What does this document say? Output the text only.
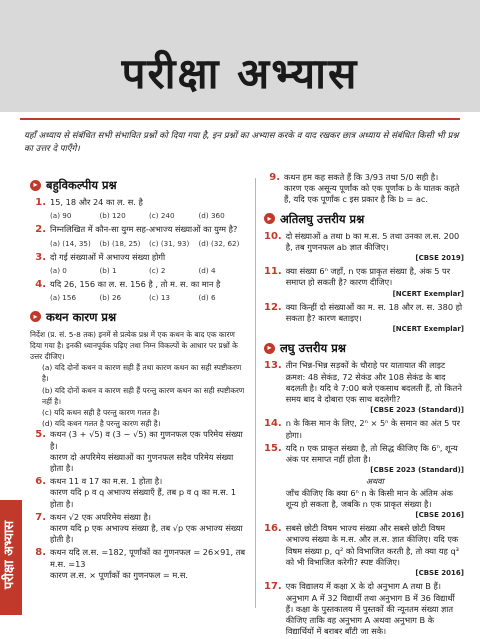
परीक्षा अभ्यास
यहाँ अध्याय से संबंधित सभी संभावित प्रश्नों को दिया गया है, इन प्रश्नों का अभ्यास करके व याद रखकर छात्र अध्याय से संबंधित किसी भी प्रश्न का उत्तर दे पाएँगे।
▸ बहुविकल्पीय प्रश्न
1. 15, 18 और 24 का ल. स. है
(a) 90	(b) 120	(c) 240	(d) 360
2. निम्नलिखित में कौन-सा युग्म सह-अभाज्य संख्याओं का युग्म है?
(a) (14, 35)	(b) (18, 25)	(c) (31, 93)	(d) (32, 62)
3. दो गई संख्याओं में अभाज्य संख्या होगी
(a) 0	(b) 1	(c) 2	(d) 4
4. यदि 26, 156 का ल. स. 156 है , तो म. स. का मान है
(a) 156	(b) 26	(c) 13	(d) 6
▸ कथन कारण प्रश्न
निर्देश (प्र. सं. 5-8 तक) इनमें से प्रत्येक प्रश्न में एक कथन के बाद एक कारण दिया गया है। इनकी ध्यानपूर्वक पढ़िए तथा निम्न विकल्पों के आधार पर प्रश्नों के उत्तर दीजिए।
(a) यदि दोनों कथन व कारण सही हैं तथा कारण कथन का सही स्पष्टीकरण है।
(b) यदि दोनों कथन व कारण सही हैं परन्तु कारण कथन का सही स्पष्टीकरण नहीं है।
(c) यदि कथन सही है परन्तु कारण गलत है।
(d) यदि कथन गलत है परन्तु कारण सही है।
5. कथन (3 + √5) व (3 − √5) का गुणनफल एक परिमेय संख्या है।
कारण दो अपरिमेय संख्याओं का गुणनफल सदैव परिमेय संख्या होता है।
6. कथन 11 व 17 का म.स. 1 होता है।
कारण यदि p व q अभाज्य संख्याएँ हैं, तब p व q का म.स. 1 होता है।
7. कथन √2 एक अपरिमेय संख्या है।
कारण यदि p एक अभाज्य संख्या है, तब √p एक अभाज्य संख्या होती है।
8. कथन यदि ल.स. =182, पूर्णांकों का गुणनफल = 26×91, तब म.स. =13
कारण ल.स. × पूर्णांकों का गुणनफल = म.स.
9. कथन हम कह सकते हैं कि 3/93 तथा 5/0 सही है।
कारण एक असून्य पूर्णांक को एक पूर्णांक b के घातक कहते हैं, यदि एक पूर्णांक c इस प्रकार है कि b = ac.
▸ अतिलघु उत्तरीय प्रश्न
10. दो संख्याओं a तथा b का म.स. 5 तथा उनका ल.स. 200 है, तब गुणनफल ab ज्ञात कीजिए।
[CBSE 2019]
11. क्या संख्या 6ⁿ जहाँ, n एक प्राकृत संख्या है, अंक 5 पर समाप्त हो सकती है? कारण दीजिए।
[NCERT Exemplar]
12. क्या किन्हीं दो संख्याओं का म. स. 18 और ल. स. 380 हो सकता है? कारण बताइए।
[NCERT Exemplar]
▸ लघु उत्तरीय प्रश्न
13. तीन भिन्न-भिन्न सड़कों के चौराहे पर यातायात की लाइट क्रमश: 48 सेकंड, 72 सेकंड और 108 सेकंड के बाद बदलती है। यदि वे 7:00 बजे एकसाथ बदलती हैं, तो कितने समय बाद वे दोबारा एक साथ बदलेगी?
[CBSE 2023 (Standard)]
14. n के किस मान के लिए, 2ⁿ × 5ⁿ के समान का अंत 5 पर होगा।
15. यदि n एक प्राकृत संख्या है, तो सिद्ध कीजिए कि 6ⁿ, शून्य अंक पर समाप्त नहीं होता है।
[CBSE 2023 (Standard)]
अथवा
जाँच कीजिए कि क्या 6ⁿ n के किसी मान के अंतिम अंक शून्य हो सकता है, जबकि n एक प्राकृत संख्या है।
[CBSE 2016]
16. सबसे छोटी विषम भाज्य संख्या और सबसे छोटी विषम अभाज्य संख्या के म.स. और ल.स. ज्ञात कीजिए। यदि एक विषम संख्या p, q² को विभाजित करती है, तो क्या यह q³ को भी विभाजित करेगी? स्पष्ट कीजिए।
[CBSE 2016]
17. एक विद्यालय में कक्षा X के दो अनुभाग A तथा B हैं। अनुभाग A में 32 विद्यार्थी तथा अनुभाग B में 36 विद्यार्थी हैं। कक्षा के पुस्तकालय में पुस्तकों की न्यूनतम संख्या ज्ञात कीजिए ताकि वह अनुभाग A अथवा अनुभाग B के विद्यार्थियों में बराबर बाँटी जा सके।
परीक्षा अभ्यास
